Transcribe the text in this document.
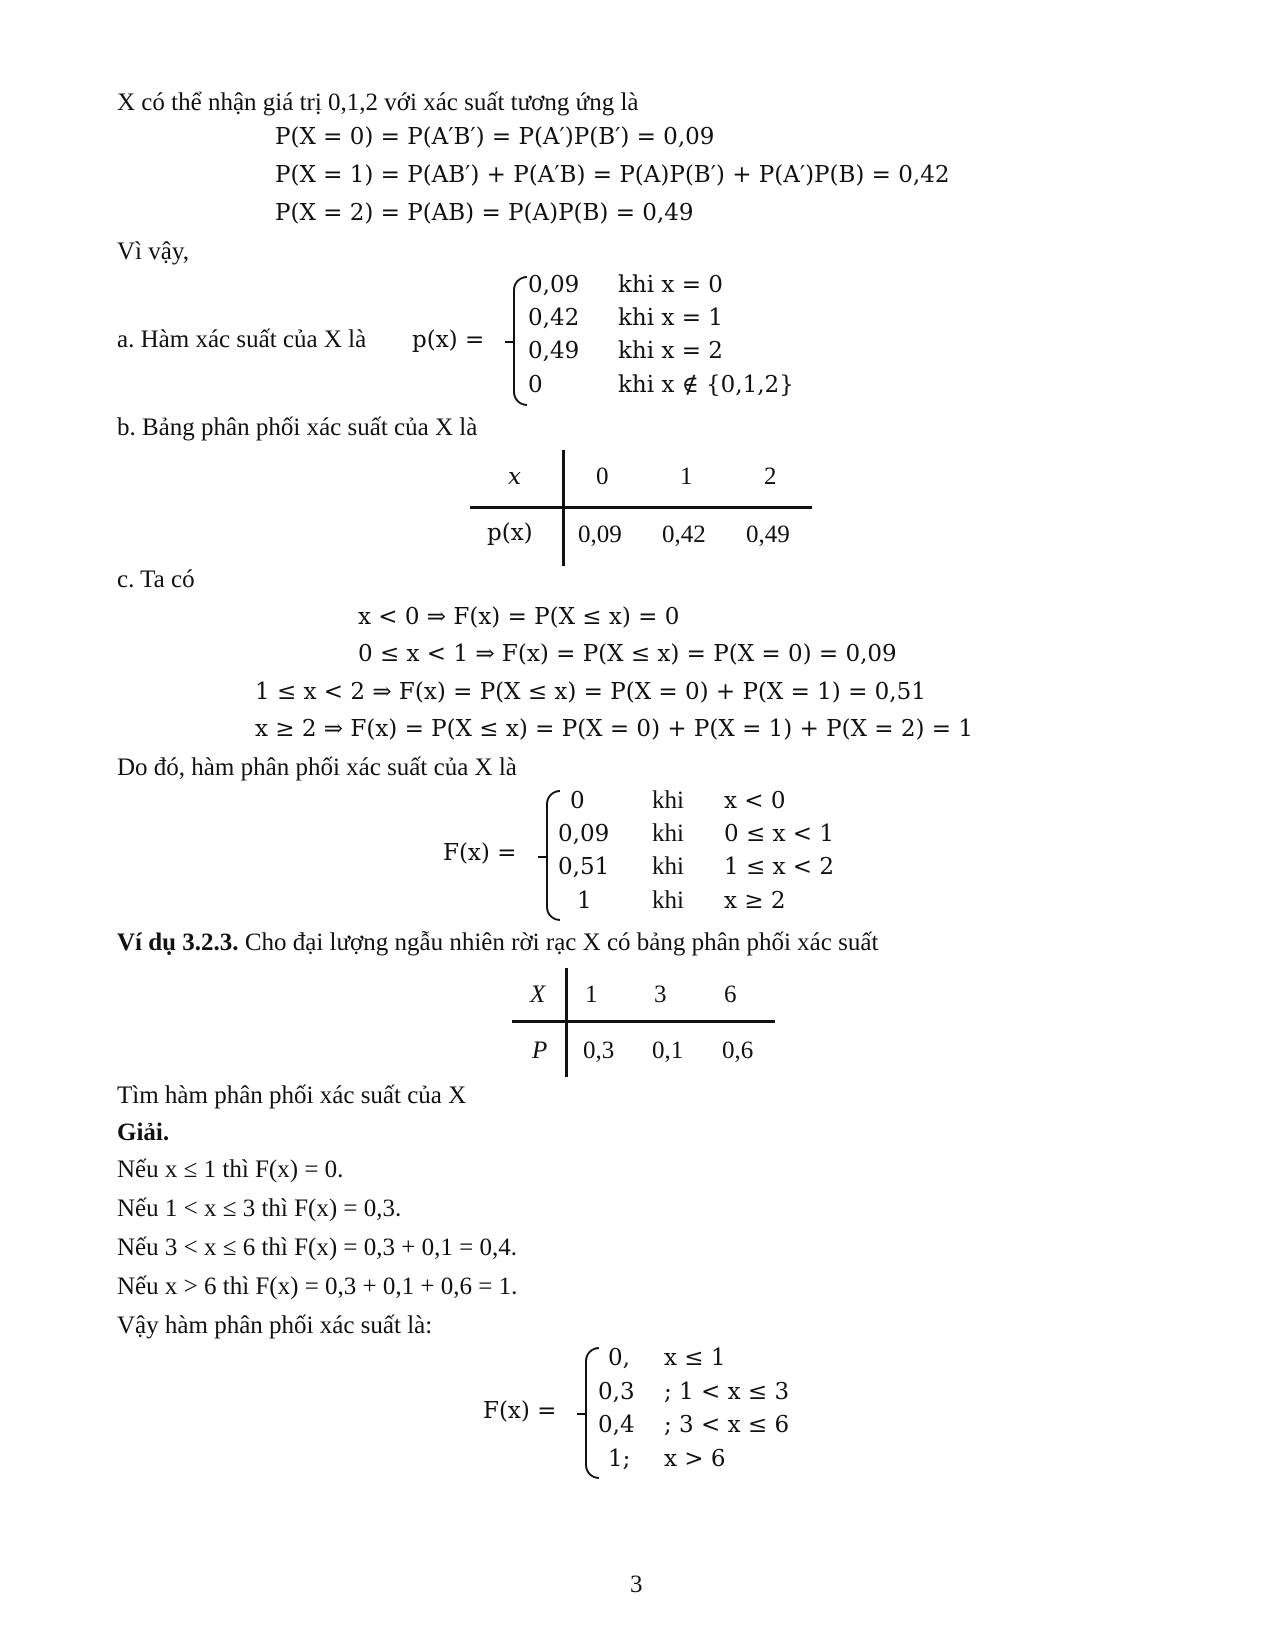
X có thể nhận giá trị 0,1,2 với xác suất tương ứng là
P(X = 0) = P(A′B′) = P(A′)P(B′) = 0,09
P(X = 1) = P(AB′) + P(A′B) = P(A)P(B′) + P(A′)P(B) = 0,42
P(X = 2) = P(AB) = P(A)P(B) = 0,49
Vì vậy,
a. Hàm xác suất của X là p(x) =
0,09 khi x = 0
0,42 khi x = 1
0,49 khi x = 2
0	khi x ∉ {0,1,2}
b. Bảng phân phối xác suất của X là
x	0	1	2
p(x) 0,09 0,42 0,49
c. Ta có
x < 0 ⇒ F(x) = P(X ≤ x) = 0
0 ≤ x < 1 ⇒ F(x) = P(X ≤ x) = P(X = 0) = 0,09
1 ≤ x < 2 ⇒ F(x) = P(X ≤ x) = P(X = 0) + P(X = 1) = 0,51
x ≥ 2 ⇒ F(x) = P(X ≤ x) = P(X = 0) + P(X = 1) + P(X = 2) = 1
Do đó, hàm phân phối xác suất của X là
F(x) =
0	khi x < 0
0,09 khi 0 ≤ x < 1
0,51 khi 1 ≤ x < 2
1 khi x ≥ 2
Ví dụ 3.2.3. Cho đại lượng ngẫu nhiên rời rạc X có bảng phân phối xác suất
X 1 3 6
P 0,3 0,1 0,6
Tìm hàm phân phối xác suất của X
Giải.
Nếu x ≤ 1 thì F(x) = 0.
Nếu 1 < x ≤ 3 thì F(x) = 0,3.
Nếu 3 < x ≤ 6 thì F(x) = 0,3 + 0,1 = 0,4.
Nếu x > 6 thì F(x) = 0,3 + 0,1 + 0,6 = 1.
Vậy hàm phân phối xác suất là:
F(x) =
0, x ≤ 1
0,3 ; 1 < x ≤ 3
0,4 ; 3 < x ≤ 6
1; x > 6
3
